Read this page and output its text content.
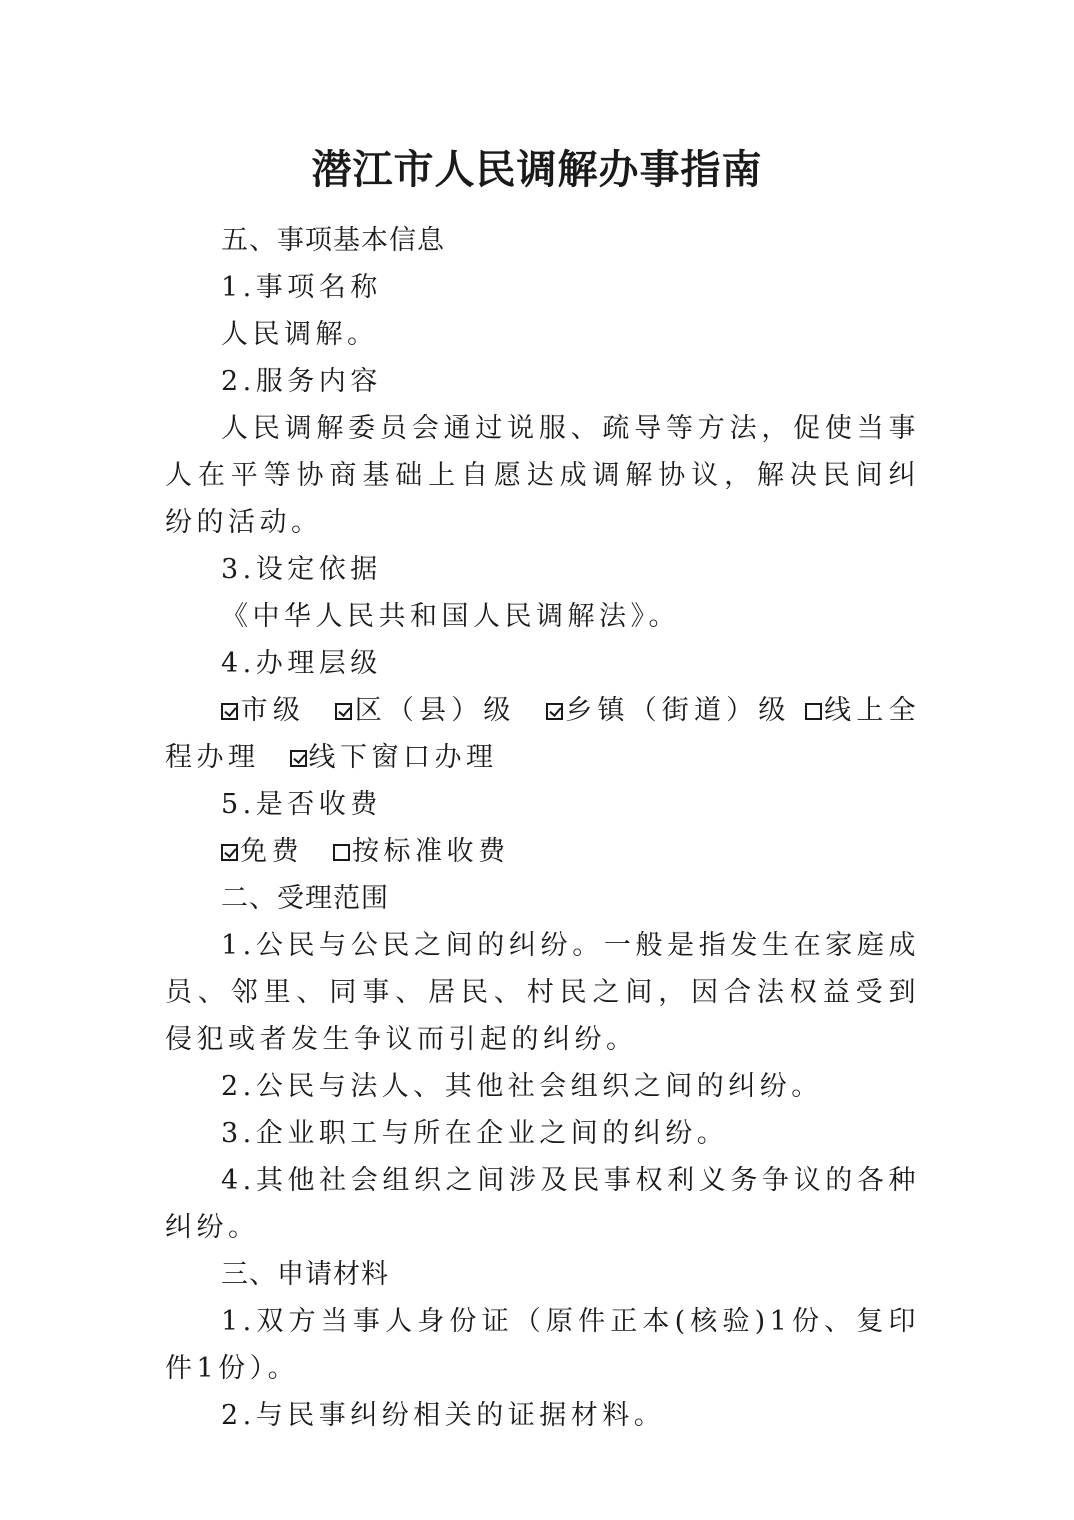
潜江市人民调解办事指南

五、事项基本信息

1.事项名称

人民调解。

2.服务内容

人民调解委员会通过说服、疏导等方法，促使当事人在平等协商基础上自愿达成调解协议，解决民间纠纷的活动。

3.设定依据

《中华人民共和国人民调解法》。

4.办理层级

市级 区（县）级 乡镇（街道）级 线上全程办理 线下窗口办理

5.是否收费

免费 按标准收费

二、受理范围

1.公民与公民之间的纠纷。一般是指发生在家庭成员、邻里、同事、居民、村民之间，因合法权益受到侵犯或者发生争议而引起的纠纷。

2.公民与法人、其他社会组织之间的纠纷。

3.企业职工与所在企业之间的纠纷。

4.其他社会组织之间涉及民事权利义务争议的各种纠纷。

三、申请材料

1.双方当事人身份证（原件正本(核验)1份、复印件1份）。

2.与民事纠纷相关的证据材料。
